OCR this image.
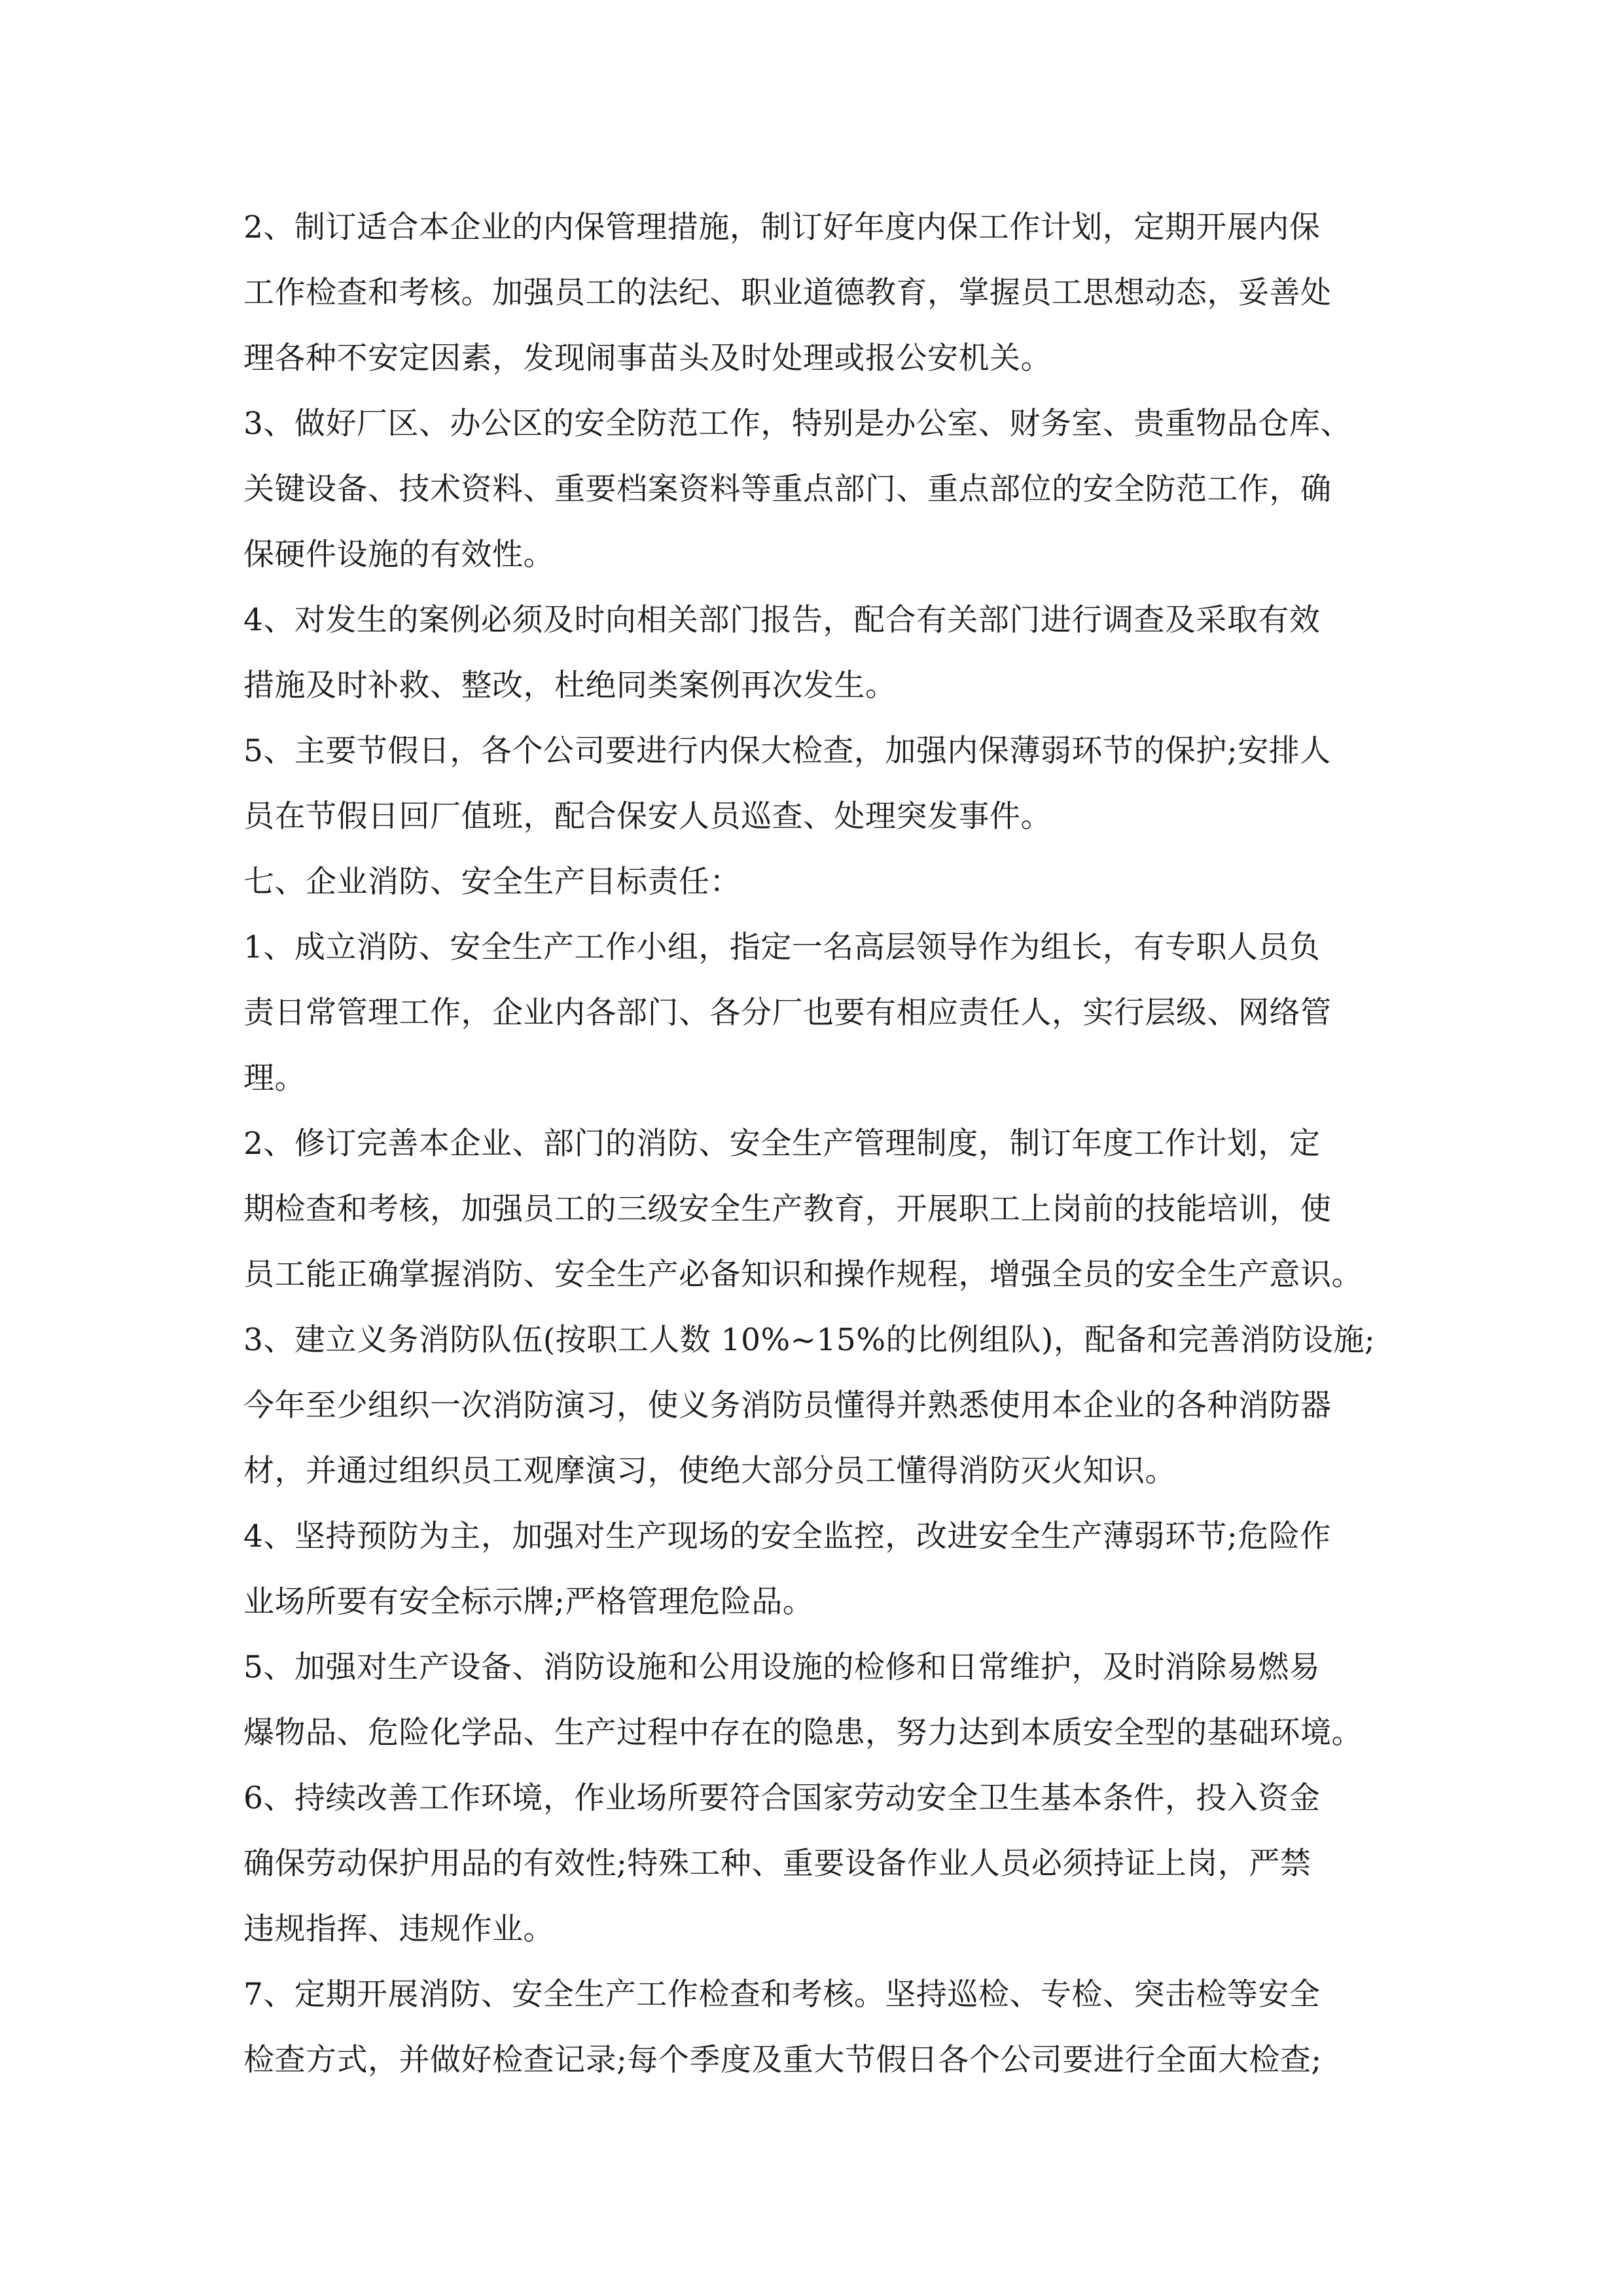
2、制订适合本企业的内保管理措施，制订好年度内保工作计划，定期开展内保
工作检查和考核。加强员工的法纪、职业道德教育，掌握员工思想动态，妥善处
理各种不安定因素，发现闹事苗头及时处理或报公安机关。
3、做好厂区、办公区的安全防范工作，特别是办公室、财务室、贵重物品仓库、
关键设备、技术资料、重要档案资料等重点部门、重点部位的安全防范工作，确
保硬件设施的有效性。
4、对发生的案例必须及时向相关部门报告，配合有关部门进行调查及采取有效
措施及时补救、整改，杜绝同类案例再次发生。
5、主要节假日，各个公司要进行内保大检查，加强内保薄弱环节的保护;安排人
员在节假日回厂值班，配合保安人员巡查、处理突发事件。
七、企业消防、安全生产目标责任：
1、成立消防、安全生产工作小组，指定一名高层领导作为组长，有专职人员负
责日常管理工作，企业内各部门、各分厂也要有相应责任人，实行层级、网络管
理。
2、修订完善本企业、部门的消防、安全生产管理制度，制订年度工作计划，定
期检查和考核，加强员工的三级安全生产教育，开展职工上岗前的技能培训，使
员工能正确掌握消防、安全生产必备知识和操作规程，增强全员的安全生产意识。
3、建立义务消防队伍(按职工人数 10%~15%的比例组队)，配备和完善消防设施;
今年至少组织一次消防演习，使义务消防员懂得并熟悉使用本企业的各种消防器
材，并通过组织员工观摩演习，使绝大部分员工懂得消防灭火知识。
4、坚持预防为主，加强对生产现场的安全监控，改进安全生产薄弱环节;危险作
业场所要有安全标示牌;严格管理危险品。
5、加强对生产设备、消防设施和公用设施的检修和日常维护，及时消除易燃易
爆物品、危险化学品、生产过程中存在的隐患，努力达到本质安全型的基础环境。
6、持续改善工作环境，作业场所要符合国家劳动安全卫生基本条件，投入资金
确保劳动保护用品的有效性;特殊工种、重要设备作业人员必须持证上岗，严禁
违规指挥、违规作业。
7、定期开展消防、安全生产工作检查和考核。坚持巡检、专检、突击检等安全
检查方式，并做好检查记录;每个季度及重大节假日各个公司要进行全面大检查;
